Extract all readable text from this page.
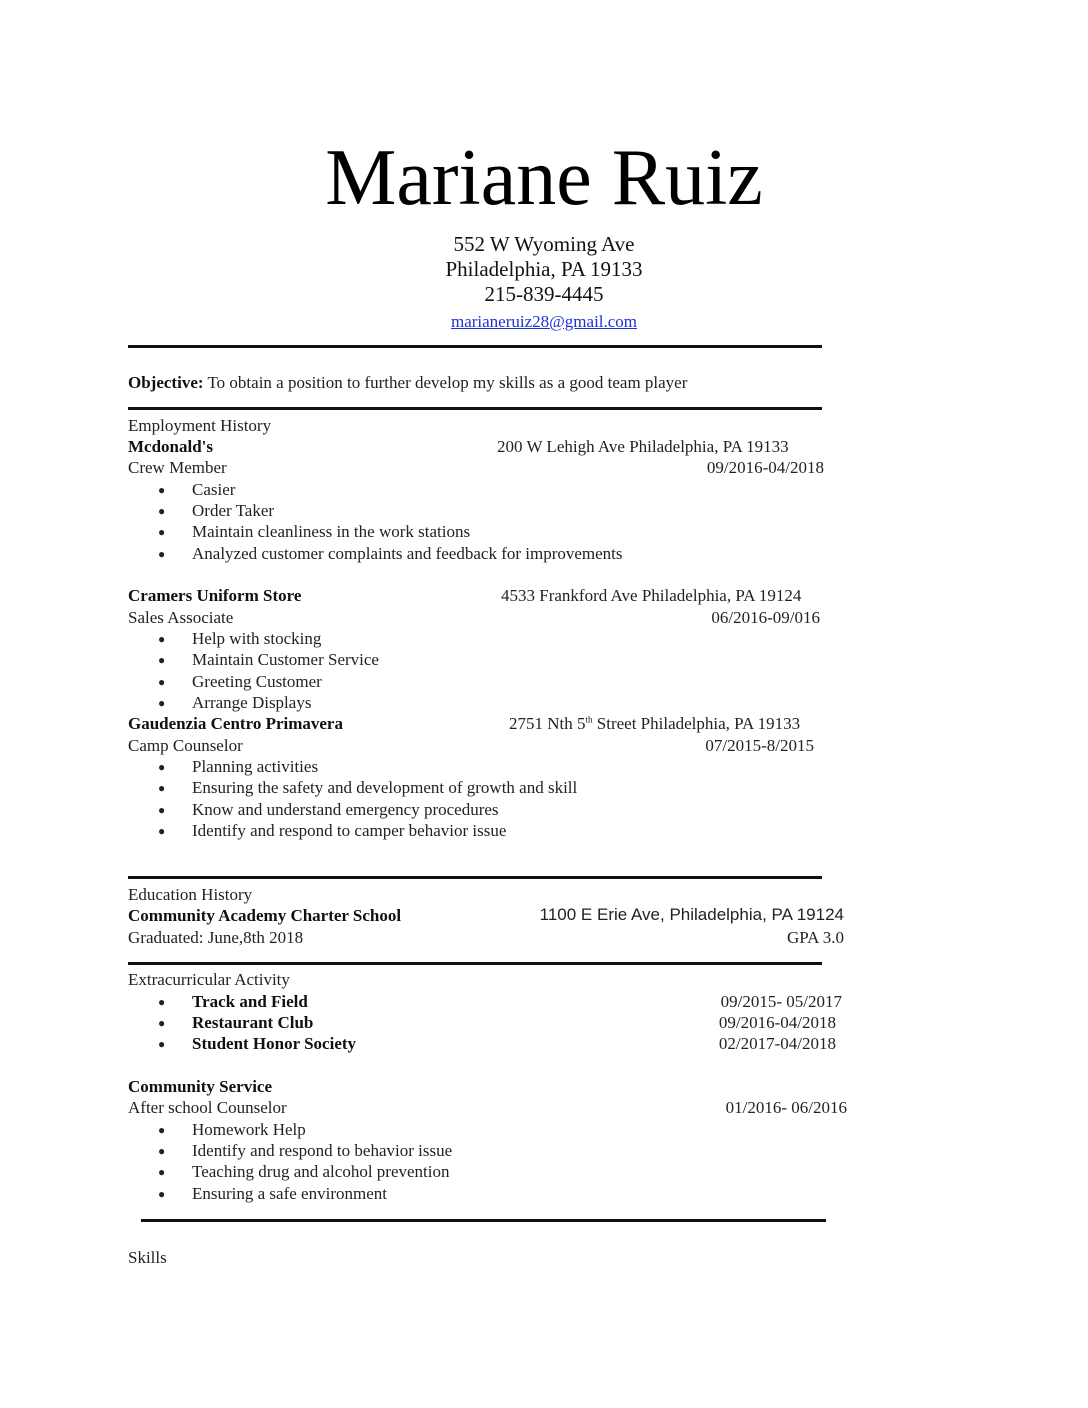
Mariane Ruiz
552 W Wyoming Ave
Philadelphia, PA 19133
215-839-4445
marianeruiz28@gmail.com
Objective: To obtain a position to further develop my skills as a good team player
Employment History
Mcdonald's	200 W Lehigh Ave Philadelphia, PA 19133
Crew Member	09/2016-04/2018
● Casier
● Order Taker
● Maintain cleanliness in the work stations
● Analyzed customer complaints and feedback for improvements
Cramers Uniform Store	4533 Frankford Ave Philadelphia, PA 19124
Sales Associate	06/2016-09/016
● Help with stocking
● Maintain Customer Service
● Greeting Customer
● Arrange Displays
Gaudenzia Centro Primavera	2751 Nth 5th Street Philadelphia, PA 19133
Camp Counselor	07/2015-8/2015
● Planning activities
● Ensuring the safety and development of growth and skill
● Know and understand emergency procedures
● Identify and respond to camper behavior issue
Education History
Community Academy Charter School	1100 E Erie Ave, Philadelphia, PA 19124
Graduated: June,8th 2018	GPA 3.0
Extracurricular Activity
● Track and Field	09/2015- 05/2017
● Restaurant Club	09/2016-04/2018
● Student Honor Society	02/2017-04/2018
Community Service
After school Counselor	01/2016- 06/2016
● Homework Help
● Identify and respond to behavior issue
● Teaching drug and alcohol prevention
● Ensuring a safe environment
Skills
